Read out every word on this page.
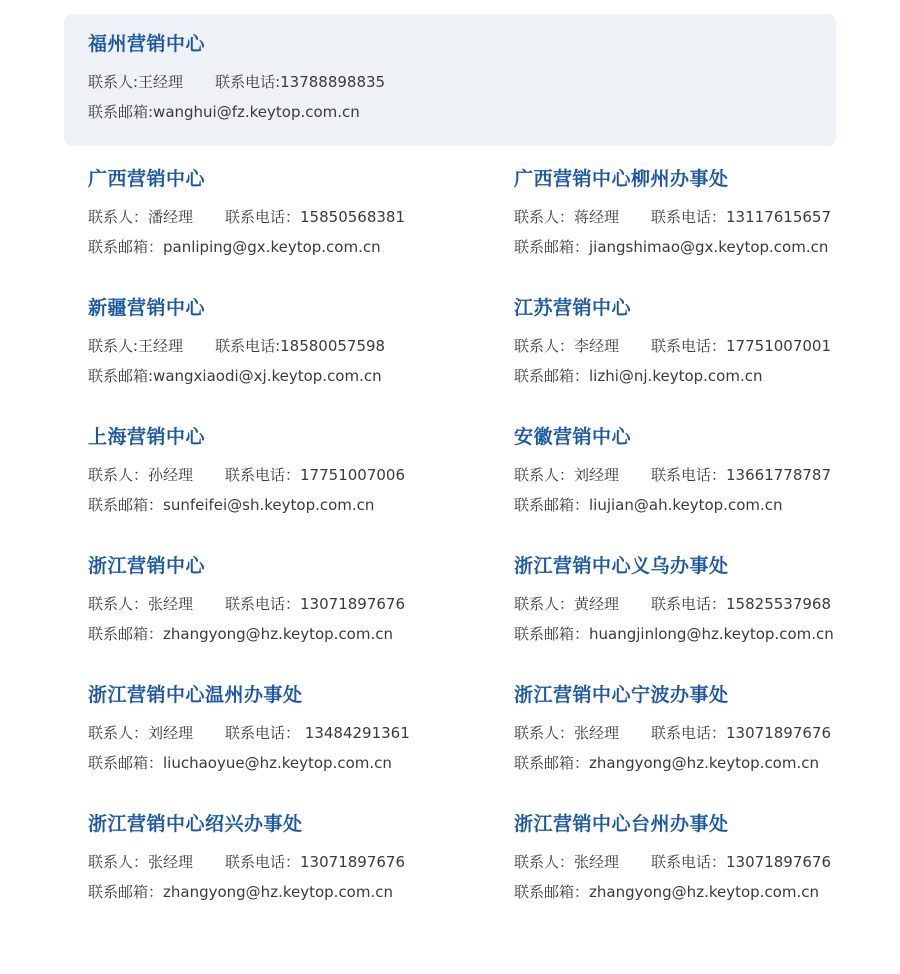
福州营销中心
联系人:王经理 联系电话:13788898835
联系邮箱:wanghui@fz.keytop.com.cn
广西营销中心
联系人：潘经理 联系电话：15850568381
联系邮箱：panliping@gx.keytop.com.cn
广西营销中心柳州办事处
联系人：蒋经理 联系电话：13117615657
联系邮箱：jiangshimao@gx.keytop.com.cn
新疆营销中心
联系人:王经理 联系电话:18580057598
联系邮箱:wangxiaodi@xj.keytop.com.cn
江苏营销中心
联系人：李经理 联系电话：17751007001
联系邮箱：lizhi@nj.keytop.com.cn
上海营销中心
联系人：孙经理 联系电话：17751007006
联系邮箱：sunfeifei@sh.keytop.com.cn
安徽营销中心
联系人：刘经理 联系电话：13661778787
联系邮箱：liujian@ah.keytop.com.cn
浙江营销中心
联系人：张经理 联系电话：13071897676
联系邮箱：zhangyong@hz.keytop.com.cn
浙江营销中心义乌办事处
联系人：黄经理 联系电话：15825537968
联系邮箱：huangjinlong@hz.keytop.com.cn
浙江营销中心温州办事处
联系人：刘经理 联系电话： 13484291361
联系邮箱：liuchaoyue@hz.keytop.com.cn
浙江营销中心宁波办事处
联系人：张经理 联系电话：13071897676
联系邮箱：zhangyong@hz.keytop.com.cn
浙江营销中心绍兴办事处
联系人：张经理 联系电话：13071897676
联系邮箱：zhangyong@hz.keytop.com.cn
浙江营销中心台州办事处
联系人：张经理 联系电话：13071897676
联系邮箱：zhangyong@hz.keytop.com.cn
